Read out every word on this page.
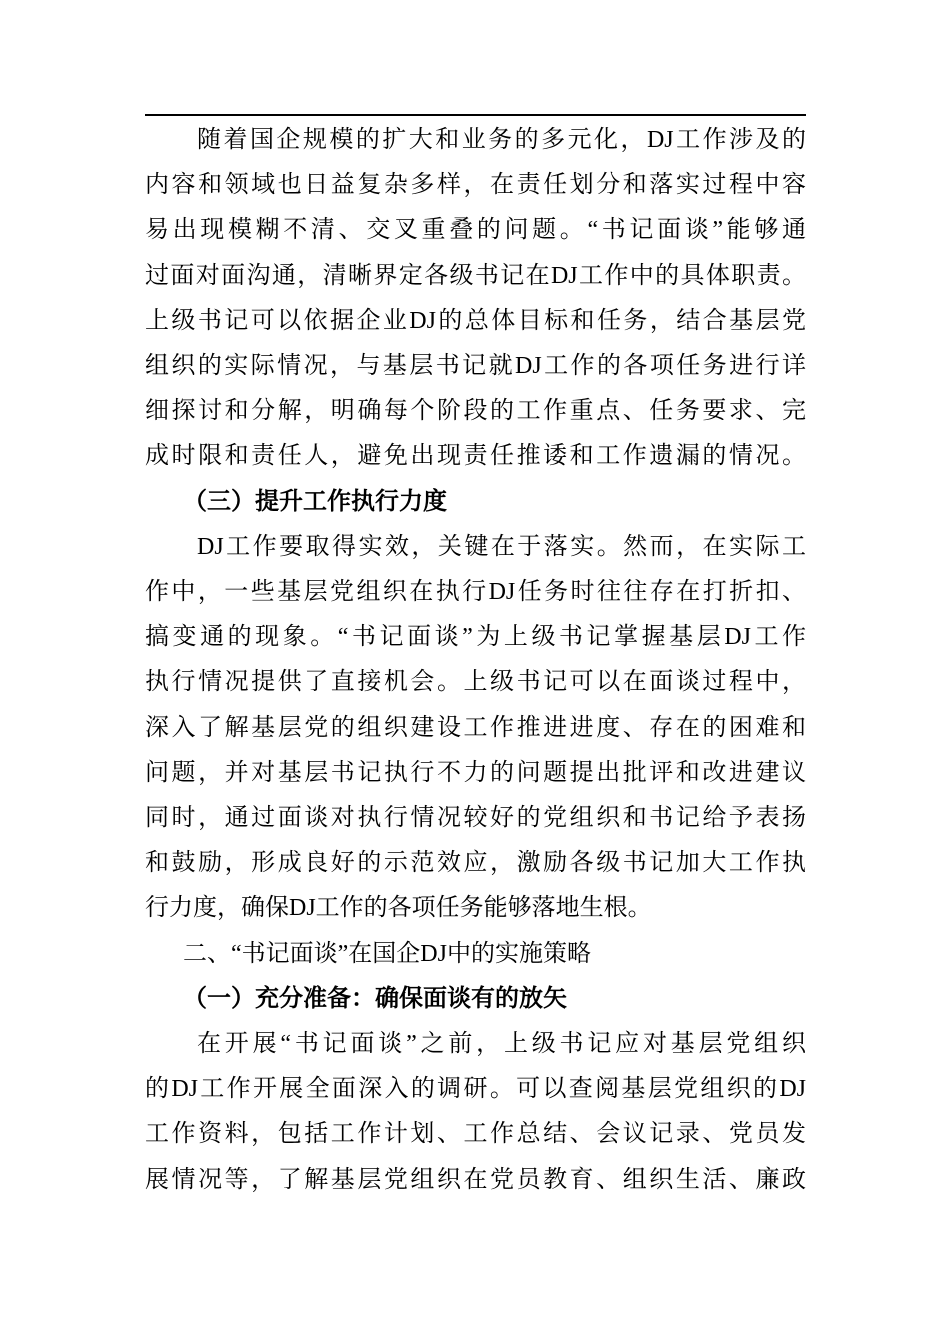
随着国企规模的扩大和业务的多元化，DJ工作涉及的
内容和领域也日益复杂多样，在责任划分和落实过程中容
易出现模糊不清、交叉重叠的问题。“书记面谈”能够通
过面对面沟通，清晰界定各级书记在DJ工作中的具体职责。
上级书记可以依据企业DJ的总体目标和任务，结合基层党
组织的实际情况，与基层书记就DJ工作的各项任务进行详
细探讨和分解，明确每个阶段的工作重点、任务要求、完
成时限和责任人，避免出现责任推诿和工作遗漏的情况。
（三）提升工作执行力度
DJ工作要取得实效，关键在于落实。然而，在实际工
作中，一些基层党组织在执行DJ任务时往往存在打折扣、
搞变通的现象。“书记面谈”为上级书记掌握基层DJ工作
执行情况提供了直接机会。上级书记可以在面谈过程中，
深入了解基层党的组织建设工作推进进度、存在的困难和
问题，并对基层书记执行不力的问题提出批评和改进建议
同时，通过面谈对执行情况较好的党组织和书记给予表扬
和鼓励，形成良好的示范效应，激励各级书记加大工作执
行力度，确保DJ工作的各项任务能够落地生根。
二、“书记面谈”在国企DJ中的实施策略
（一）充分准备：确保面谈有的放矢
在开展“书记面谈”之前，上级书记应对基层党组织
的DJ工作开展全面深入的调研。可以查阅基层党组织的DJ
工作资料，包括工作计划、工作总结、会议记录、党员发
展情况等，了解基层党组织在党员教育、组织生活、廉政
